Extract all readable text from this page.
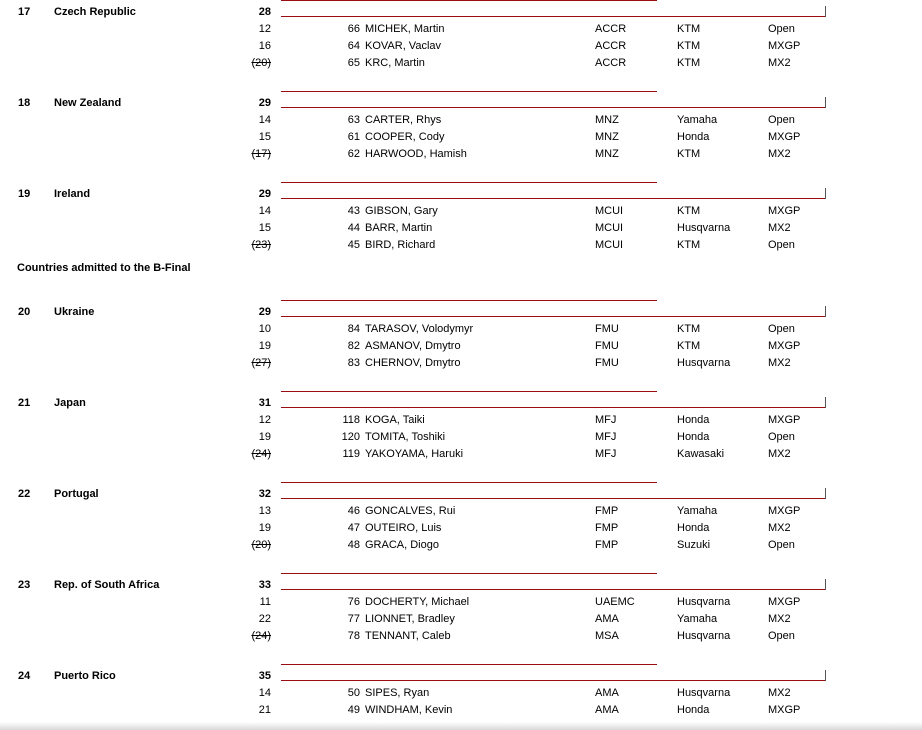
Countries admitted to the B-Final
17 Czech Republic	28
12	66 MICHEK, Martin	ACCR	KTM	Open
16	64 KOVAR, Vaclav	ACCR	KTM	MXGP
(20)	65 KRC, Martin	ACCR	KTM	MX2
18 New Zealand	29
14	63 CARTER, Rhys	MNZ	Yamaha	Open
15	61 COOPER, Cody	MNZ	Honda	MXGP
(17)	62 HARWOOD, Hamish	MNZ	KTM	MX2
19 Ireland	29
14	43 GIBSON, Gary	MCUI	KTM	MXGP
15	44 BARR, Martin	MCUI	Husqvarna	MX2
(23)	45 BIRD, Richard	MCUI	KTM	Open
20 Ukraine	29
10	84 TARASOV, Volodymyr	FMU	KTM	Open
19	82 ASMANOV, Dmytro	FMU	KTM	MXGP
(27)	83 CHERNOV, Dmytro	FMU	Husqvarna	MX2
21 Japan	31
12	118 KOGA, Taiki	MFJ	Honda	MXGP
19	120 TOMITA, Toshiki	MFJ	Honda	Open
(24)	119 YAKOYAMA, Haruki	MFJ	Kawasaki	MX2
22 Portugal	32
13	46 GONCALVES, Rui	FMP	Yamaha	MXGP
19	47 OUTEIRO, Luis	FMP	Honda	MX2
(20)	48 GRACA, Diogo	FMP	Suzuki	Open
23 Rep. of South Africa	33
11	76 DOCHERTY, Michael	UAEMC	Husqvarna	MXGP
22	77 LIONNET, Bradley	AMA	Yamaha	MX2
(24)	78 TENNANT, Caleb	MSA	Husqvarna	Open
24 Puerto Rico	35
14	50 SIPES, Ryan	AMA	Husqvarna	MX2
21	49 WINDHAM, Kevin	AMA	Honda	MXGP
